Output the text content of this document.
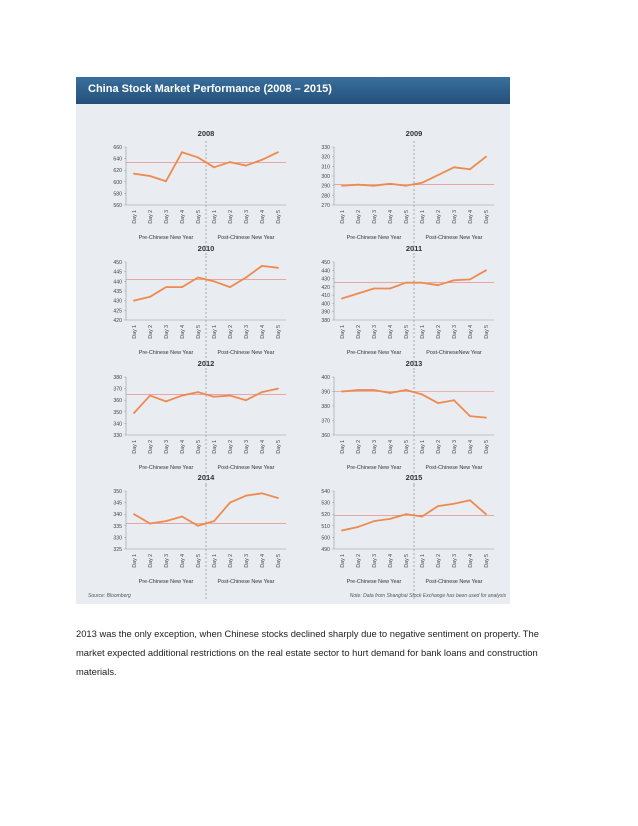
China Stock Market Performance (2008 – 2015)
2008
560
580
600
620
640
660
Day 1 Day 2 Day 3 Day 4 Day 5 Day 1 Day 2 Day 3 Day 4 Day 5
Pre-Chinese New Year	Post-Chinese New Year
2009
270
280
290
300
310
320
330
Day 1 Day 2 Day 3 Day 4 Day 5 Day 1 Day 2 Day 3 Day 4 Day 5
Pre-Chinese New Year	Post-Chinese New Year
2010
420
425
430
435
440
445
450
Day 1 Day 2 Day 3 Day 4 Day 5 Day 1 Day 2 Day 3 Day 4 Day 5
Pre-Chinese New Year	Post-Chinese New Year
2011
380
390
400
410
420
430
440
450
Day 1 Day 2 Day 3 Day 4 Day 5 Day 1 Day 2 Day 3 Day 4 Day 5
Pre-Chinese New Year	Post-ChineseNew Year
2012
330
340
350
360
370
380
Day 1 Day 2 Day 3 Day 4 Day 5 Day 1 Day 2 Day 3 Day 4 Day 5
Pre-Chinese New Year	Post-Chinese New Year
2013
360
370
380
390
400
Day 1 Day 2 Day 3 Day 4 Day 5 Day 1 Day 2 Day 3 Day 4 Day 5
Pre-Chinese New Year	Post-Chinese New Year
2014
325
330
335
340
345
350
Day 1 Day 2 Day 3 Day 4 Day 5 Day 1 Day 2 Day 3 Day 4 Day 5
Pre-Chinese New Year	Post-Chinese New Year
2015
490
500
510
520
530
540
Day 1 Day 2 Day 3 Day 4 Day 5 Day 1 Day 2 Day 3 Day 4 Day 5
Pre-Chinese New Year	Post-Chinese New Year
Source: Bloomberg	Note: Data from Shanghai Stock Exchange has been used for analysis

2013 was the only exception, when Chinese stocks declined sharply due to negative sentiment on property. The market expected additional restrictions on the real estate sector to hurt demand for bank loans and construction materials.
